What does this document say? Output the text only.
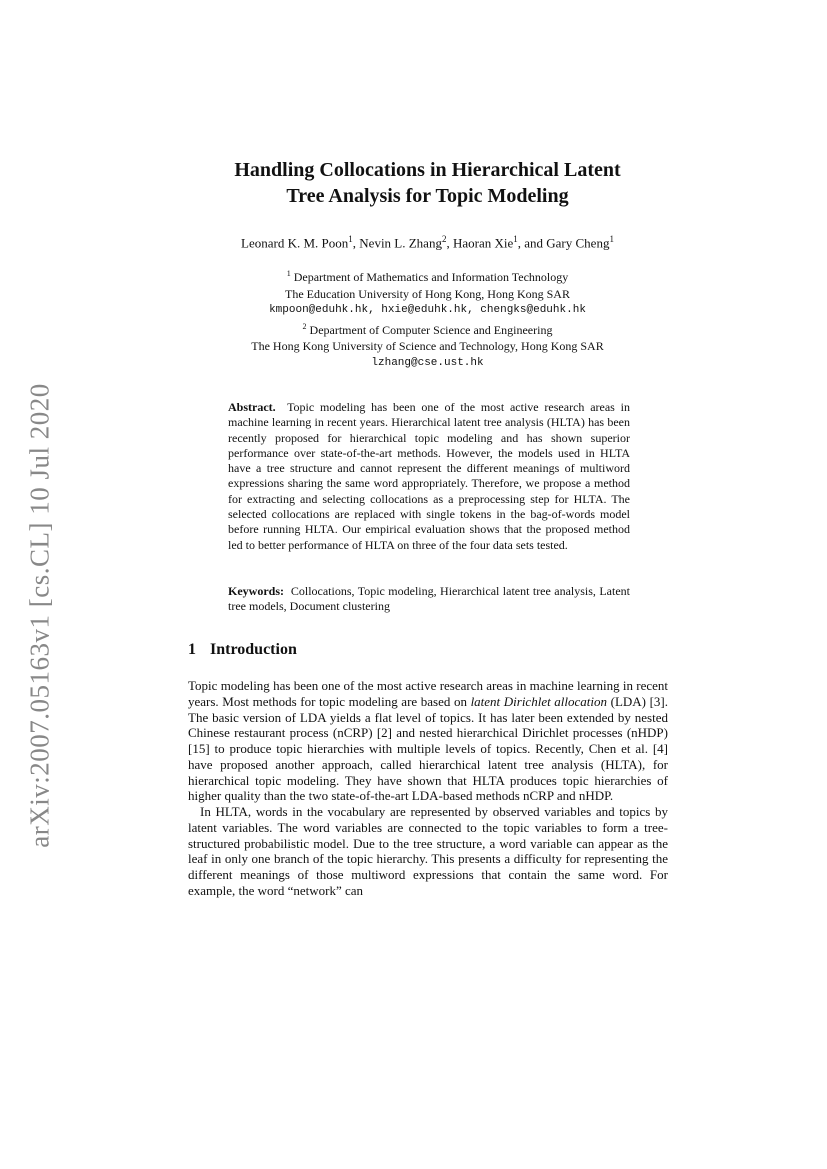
arXiv:2007.05163v1 [cs.CL] 10 Jul 2020
Handling Collocations in Hierarchical Latent
Tree Analysis for Topic Modeling
Leonard K. M. Poon$^1$, Nevin L. Zhang$^2$, Haoran Xie$^1$, and Gary Cheng$^1$
$^1$ Department of Mathematics and Information Technology
The Education University of Hong Kong, Hong Kong SAR
kmpoon@eduhk.hk, hxie@eduhk.hk, chengks@eduhk.hk
$^2$ Department of Computer Science and Engineering
The Hong Kong University of Science and Technology, Hong Kong SAR
lzhang@cse.ust.hk
Abstract. Topic modeling has been one of the most active research areas in machine learning in recent years. Hierarchical latent tree analysis (HLTA) has been recently proposed for hierarchical topic modeling and has shown superior performance over state-of-the-art methods. However, the models used in HLTA have a tree structure and cannot represent the different meanings of multiword expressions sharing the same word appropriately. Therefore, we propose a method for extracting and selecting collocations as a preprocessing step for HLTA. The selected collocations are replaced with single tokens in the bag-of-words model before running HLTA. Our empirical evaluation shows that the proposed method led to better performance of HLTA on three of the four data sets tested.
Keywords: Collocations, Topic modeling, Hierarchical latent tree analysis, Latent tree models, Document clustering
1 Introduction

Topic modeling has been one of the most active research areas in machine learning in recent years. Most methods for topic modeling are based on latent Dirichlet allocation (LDA) [3]. The basic version of LDA yields a flat level of topics. It has later been extended by nested Chinese restaurant process (nCRP) [2] and nested hierarchical Dirichlet processes (nHDP) [15] to produce topic hierarchies with multiple levels of topics. Recently, Chen et al. [4] have proposed another approach, called hierarchical latent tree analysis (HLTA), for hierarchical topic modeling. They have shown that HLTA produces topic hierarchies of higher quality than the two state-of-the-art LDA-based methods nCRP and nHDP.

In HLTA, words in the vocabulary are represented by observed variables and topics by latent variables. The word variables are connected to the topic variables to form a tree-structured probabilistic model. Due to the tree structure, a word variable can appear as the leaf in only one branch of the topic hierarchy. This presents a difficulty for representing the different meanings of those multiword expressions that contain the same word. For example, the word “network” can
